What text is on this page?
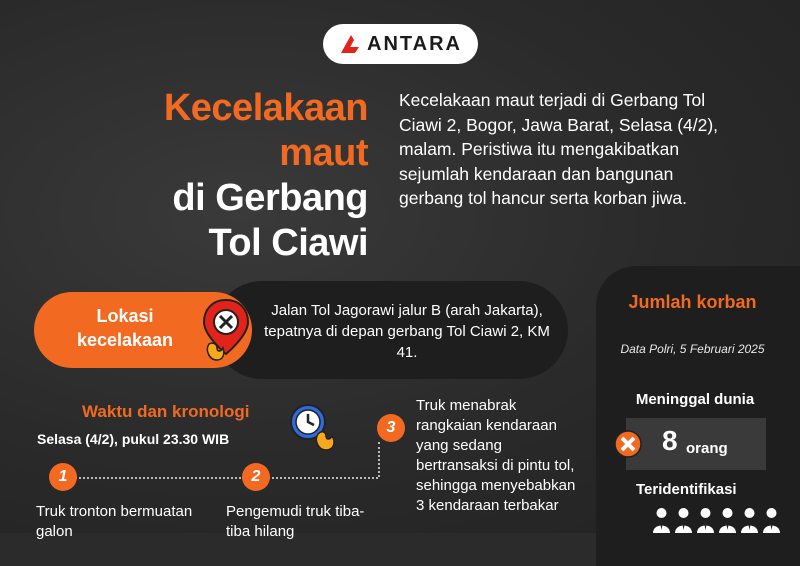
ANTARA
Kecelakaan
maut
di Gerbang
Tol Ciawi
Kecelakaan maut terjadi di Gerbang Tol Ciawi 2, Bogor, Jawa Barat, Selasa (4/2), malam. Peristiwa itu mengakibatkan sejumlah kendaraan dan bangunan gerbang tol hancur serta korban jiwa.
Lokasi kecelakaan
Jalan Tol Jagorawi jalur B (arah Jakarta), tepatnya di depan gerbang Tol Ciawi 2, KM 41.
Jumlah korban
Data Polri, 5 Februari 2025
Meninggal dunia
8 orang
Teridentifikasi
Waktu dan kronologi
Selasa (4/2), pukul 23.30 WIB
1	2
3
Truk tronton bermuatan galon
Pengemudi truk tiba-tiba hilang
Truk menabrak rangkaian kendaraan yang sedang bertransaksi di pintu tol, sehingga menyebabkan 3 kendaraan terbakar
